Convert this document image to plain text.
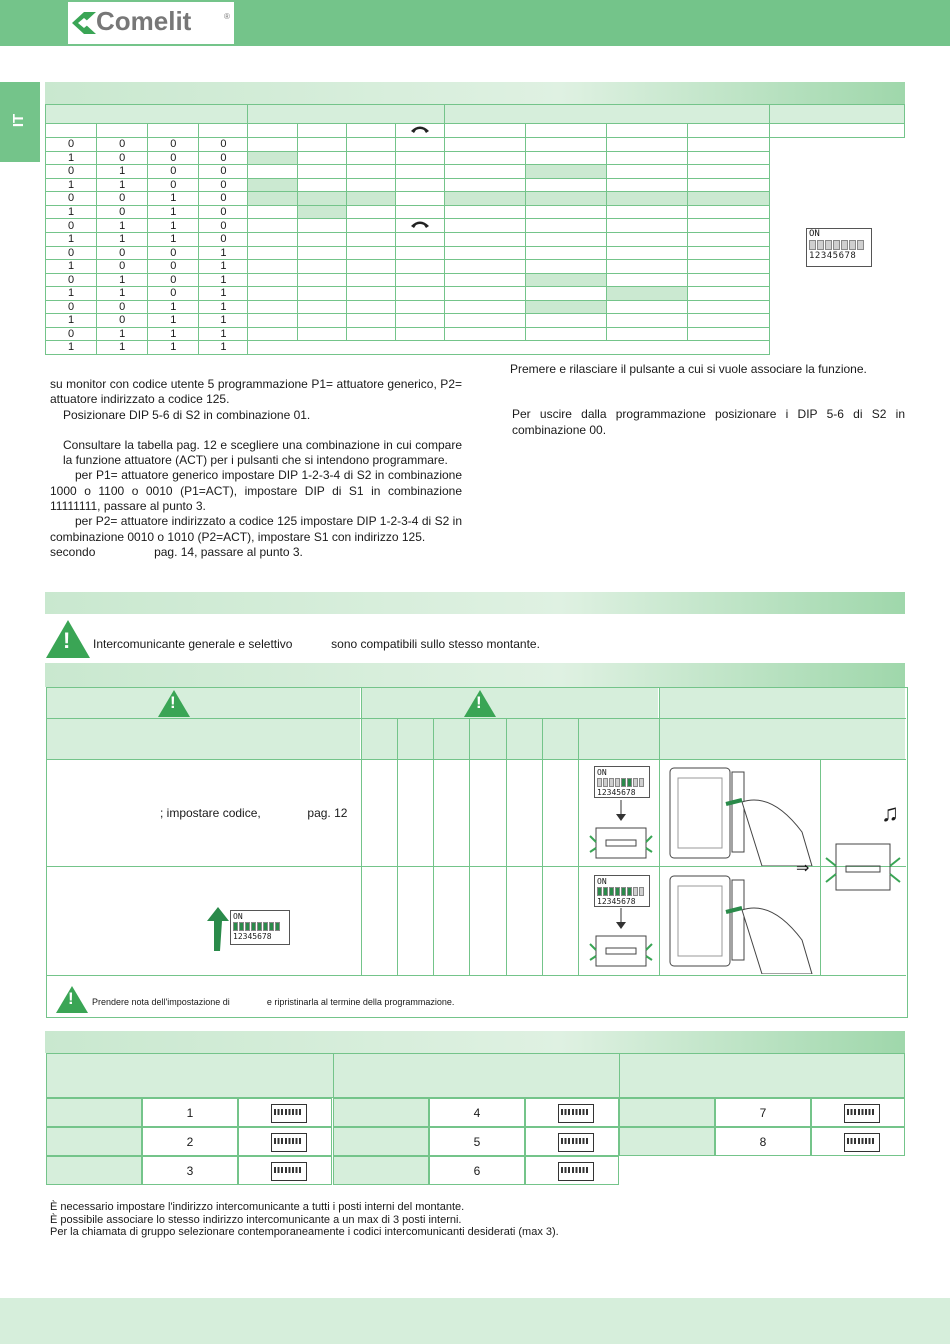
Comelit	®
IT

0	0	0	0									
1	0	0	0									
0	1	0	0									
1	1	0	0									
0	0	1	0									
1	0	1	0									
0	1	1	0								
1	1	1	0									
0	0	0	1									
1	0	0	1									
0	1	0	1									
1	1	0	1									
0	0	1	1									
1	0	1	1									
0	1	1	1									
1	1	1	1									
ON
12345678
su monitor con codice utente 5 programmazione P1= attuatore generico, P2= attuatore indirizzato a codice 125.
Posizionare DIP 5-6 di S2 in combinazione 01.
Consultare la tabella pag. 12 e scegliere una combinazione in cui compare la funzione attuatore (ACT) per i pulsanti che si intendono programmare.
per P1= attuatore generico impostare DIP 1-2-3-4 di S2 in combinazione 1000 o 1100 o 0010 (P1=ACT), impostare DIP di S1 in combinazione 11111111, passare al punto 3.
per P2= attuatore indirizzato a codice 125 impostare DIP 1-2-3-4 di S2 in combinazione 0010 o 1010 (P2=ACT), impostare S1 con indirizzo 125.
secondo	pag. 14, passare al punto 3.
Premere e rilasciare il pulsante a cui si vuole associare la funzione.
Per uscire dalla programmazione posizionare i DIP 5-6 di S2 in combinazione 00.
! Intercomunicante generale e selettivo	sono compatibili sullo stesso montante.
!	!
; impostare codice,	pag. 12
ON
12345678
ON
12345678
ON
12345678
♫
⇒
! Prendere nota dell'impostazione di	e ripristinarla al termine della programmazione.
1	4	7
2	5	8
3	6
È necessario impostare l'indirizzo intercomunicante a tutti i posti interni del montante.
È possibile associare lo stesso indirizzo intercomunicante a un max di 3 posti interni.
Per la chiamata di gruppo selezionare contemporaneamente i codici intercomunicanti desiderati (max 3).
